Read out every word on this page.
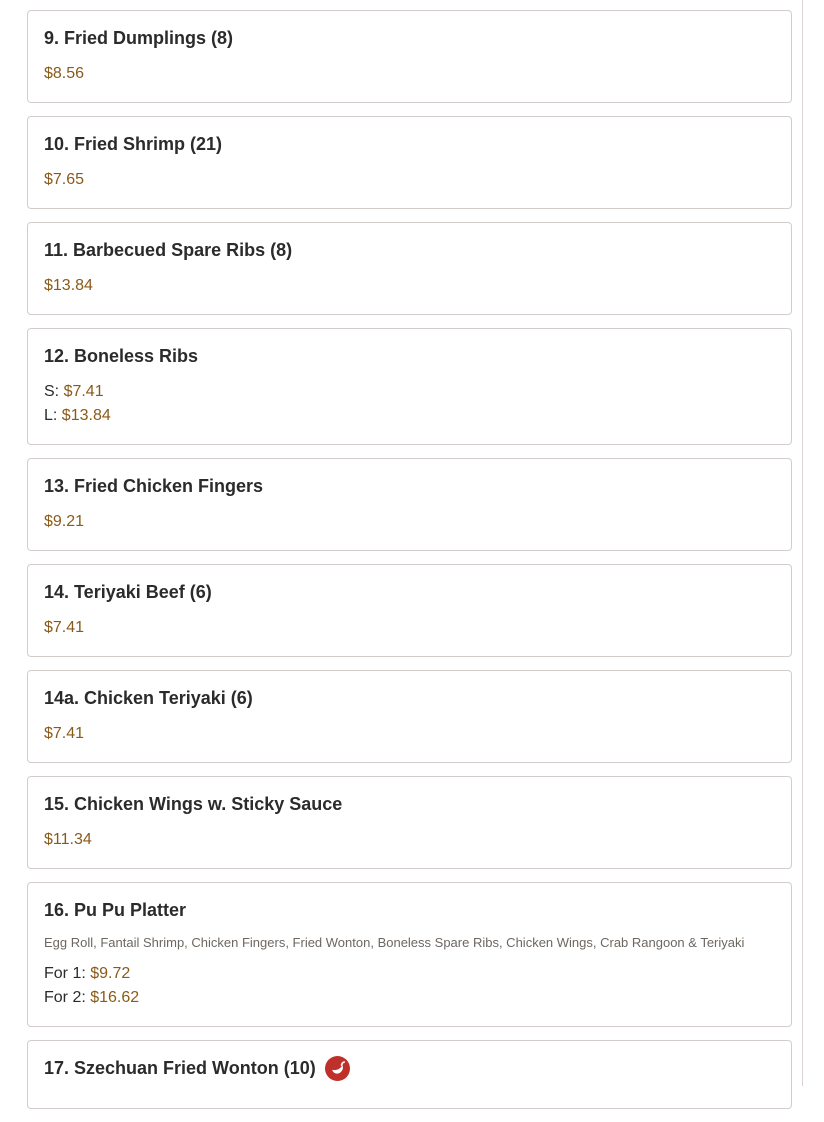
9. Fried Dumplings (8)
$8.56
10. Fried Shrimp (21)
$7.65
11. Barbecued Spare Ribs (8)
$13.84
12. Boneless Ribs
S: $7.41
L: $13.84
13. Fried Chicken Fingers
$9.21
14. Teriyaki Beef (6)
$7.41
14a. Chicken Teriyaki (6)
$7.41
15. Chicken Wings w. Sticky Sauce
$11.34
16. Pu Pu Platter
Egg Roll, Fantail Shrimp, Chicken Fingers, Fried Wonton, Boneless Spare Ribs, Chicken Wings, Crab Rangoon & Teriyaki
For 1: $9.72
For 2: $16.62
17. Szechuan Fried Wonton (10)
